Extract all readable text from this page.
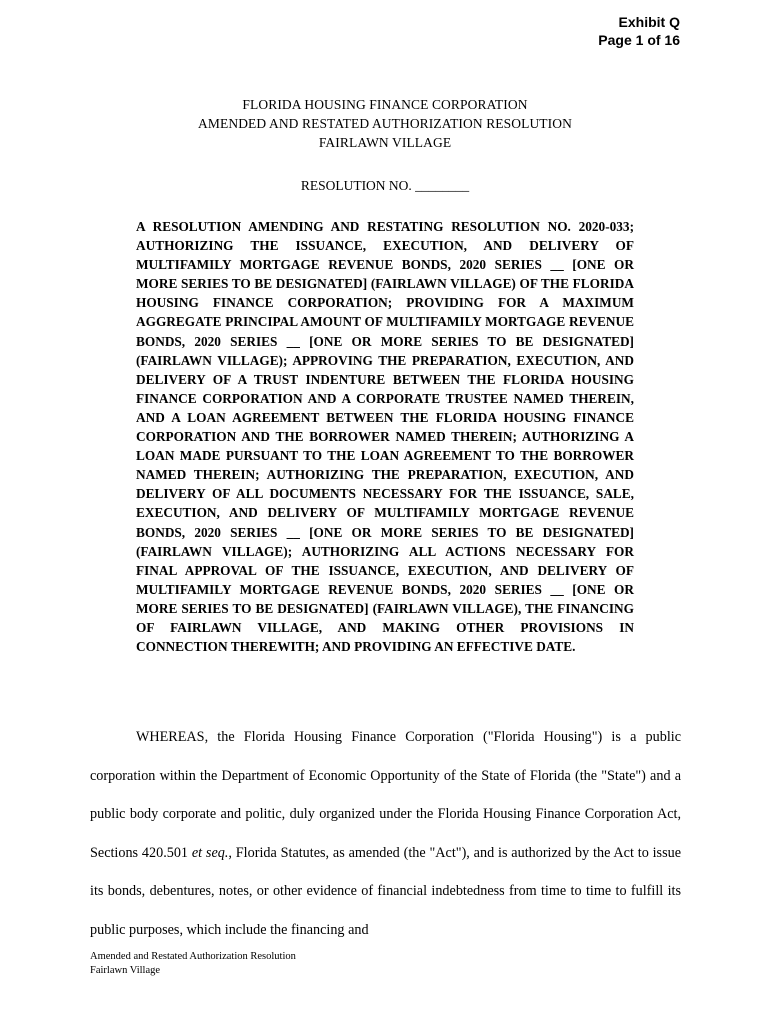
Exhibit Q
Page 1 of 16
FLORIDA HOUSING FINANCE CORPORATION
AMENDED AND RESTATED AUTHORIZATION RESOLUTION
FAIRLAWN VILLAGE
RESOLUTION NO. ________
A RESOLUTION AMENDING AND RESTATING RESOLUTION NO. 2020-033; AUTHORIZING THE ISSUANCE, EXECUTION, AND DELIVERY OF MULTIFAMILY MORTGAGE REVENUE BONDS, 2020 SERIES __ [ONE OR MORE SERIES TO BE DESIGNATED] (FAIRLAWN VILLAGE) OF THE FLORIDA HOUSING FINANCE CORPORATION; PROVIDING FOR A MAXIMUM AGGREGATE PRINCIPAL AMOUNT OF MULTIFAMILY MORTGAGE REVENUE BONDS, 2020 SERIES __ [ONE OR MORE SERIES TO BE DESIGNATED] (FAIRLAWN VILLAGE); APPROVING THE PREPARATION, EXECUTION, AND DELIVERY OF A TRUST INDENTURE BETWEEN THE FLORIDA HOUSING FINANCE CORPORATION AND A CORPORATE TRUSTEE NAMED THEREIN, AND A LOAN AGREEMENT BETWEEN THE FLORIDA HOUSING FINANCE CORPORATION AND THE BORROWER NAMED THEREIN; AUTHORIZING A LOAN MADE PURSUANT TO THE LOAN AGREEMENT TO THE BORROWER NAMED THEREIN; AUTHORIZING THE PREPARATION, EXECUTION, AND DELIVERY OF ALL DOCUMENTS NECESSARY FOR THE ISSUANCE, SALE, EXECUTION, AND DELIVERY OF MULTIFAMILY MORTGAGE REVENUE BONDS, 2020 SERIES __ [ONE OR MORE SERIES TO BE DESIGNATED] (FAIRLAWN VILLAGE); AUTHORIZING ALL ACTIONS NECESSARY FOR FINAL APPROVAL OF THE ISSUANCE, EXECUTION, AND DELIVERY OF MULTIFAMILY MORTGAGE REVENUE BONDS, 2020 SERIES __ [ONE OR MORE SERIES TO BE DESIGNATED] (FAIRLAWN VILLAGE), THE FINANCING OF FAIRLAWN VILLAGE, AND MAKING OTHER PROVISIONS IN CONNECTION THEREWITH; AND PROVIDING AN EFFECTIVE DATE.
WHEREAS, the Florida Housing Finance Corporation ("Florida Housing") is a public corporation within the Department of Economic Opportunity of the State of Florida (the "State") and a public body corporate and politic, duly organized under the Florida Housing Finance Corporation Act, Sections 420.501 et seq., Florida Statutes, as amended (the "Act"), and is authorized by the Act to issue its bonds, debentures, notes, or other evidence of financial indebtedness from time to time to fulfill its public purposes, which include the financing and
Amended and Restated Authorization Resolution
Fairlawn Village
